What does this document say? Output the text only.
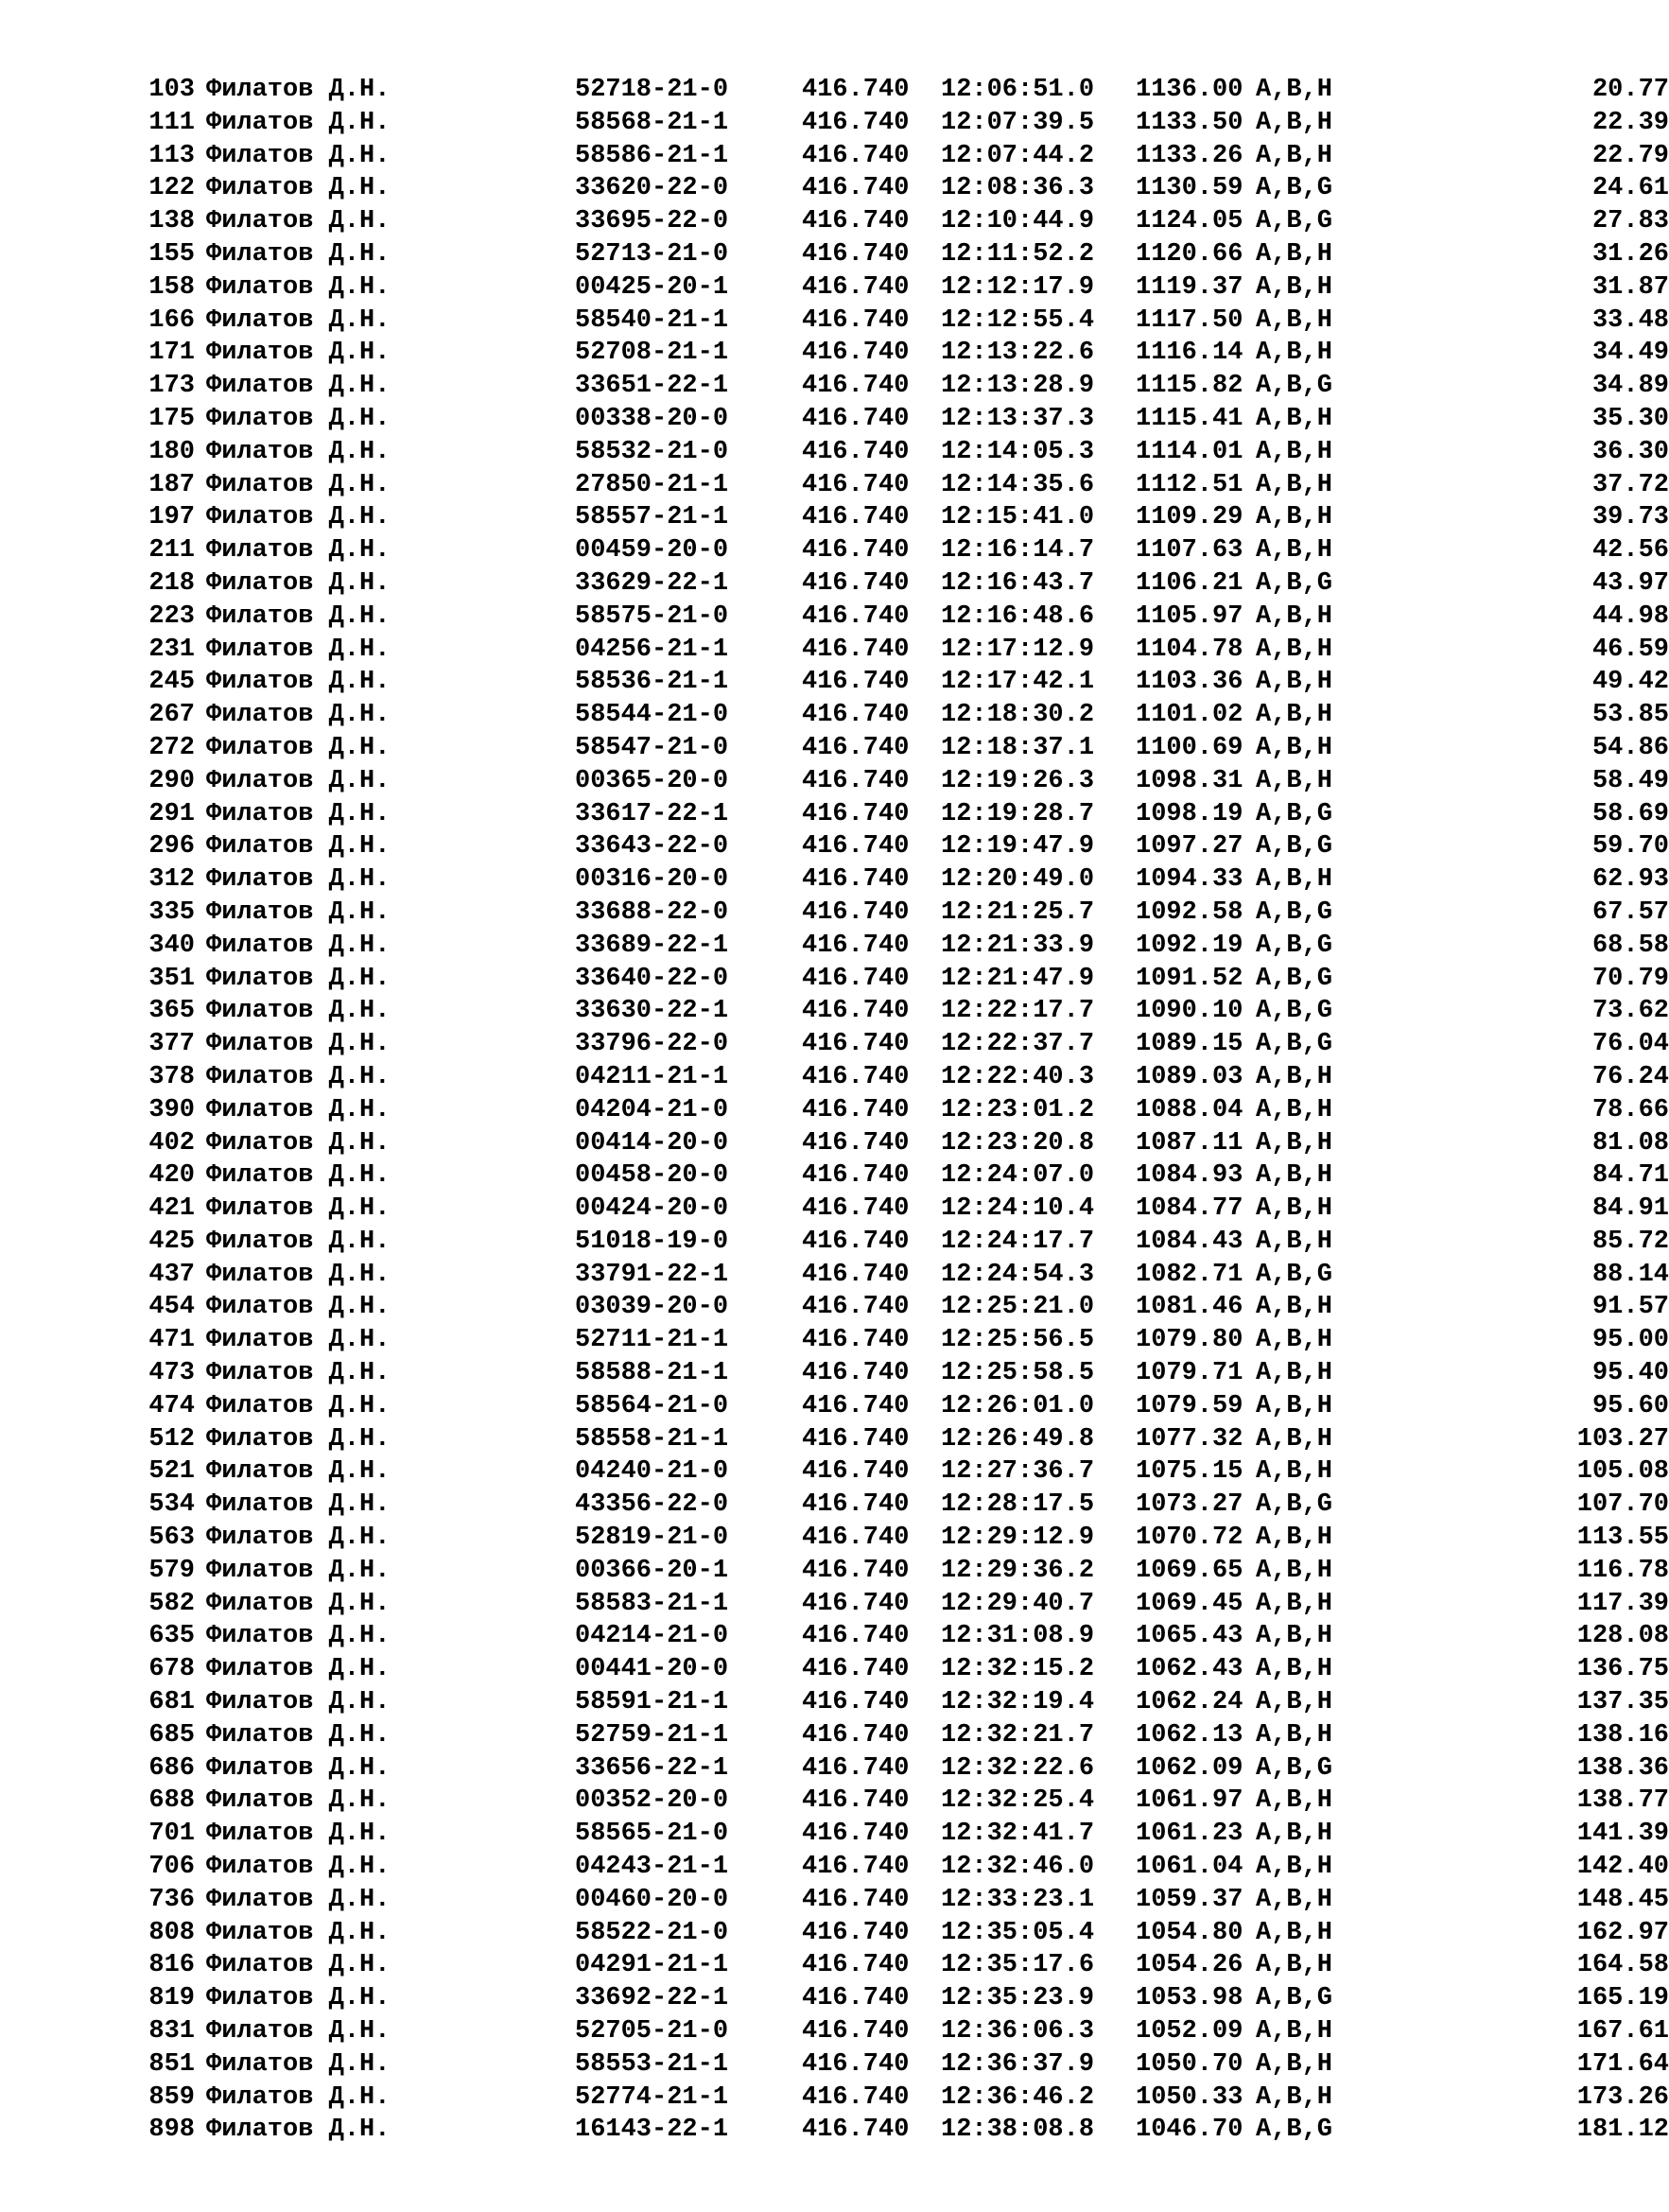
103 Филатов Д.Н.	52718-21-0	416.740 12:06:51.0 1136.00 A,B,H	20.77
111 Филатов Д.Н.	58568-21-1	416.740 12:07:39.5 1133.50 A,B,H	22.39
113 Филатов Д.Н.	58586-21-1	416.740 12:07:44.2 1133.26 A,B,H	22.79
122 Филатов Д.Н.	33620-22-0	416.740 12:08:36.3 1130.59 A,B,G	24.61
138 Филатов Д.Н.	33695-22-0	416.740 12:10:44.9 1124.05 A,B,G	27.83
155 Филатов Д.Н.	52713-21-0	416.740 12:11:52.2 1120.66 A,B,H	31.26
158 Филатов Д.Н.	00425-20-1	416.740 12:12:17.9 1119.37 A,B,H	31.87
166 Филатов Д.Н.	58540-21-1	416.740 12:12:55.4 1117.50 A,B,H	33.48
171 Филатов Д.Н.	52708-21-1	416.740 12:13:22.6 1116.14 A,B,H	34.49
173 Филатов Д.Н.	33651-22-1	416.740 12:13:28.9 1115.82 A,B,G	34.89
175 Филатов Д.Н.	00338-20-0	416.740 12:13:37.3 1115.41 A,B,H	35.30
180 Филатов Д.Н.	58532-21-0	416.740 12:14:05.3 1114.01 A,B,H	36.30
187 Филатов Д.Н.	27850-21-1	416.740 12:14:35.6 1112.51 A,B,H	37.72
197 Филатов Д.Н.	58557-21-1	416.740 12:15:41.0 1109.29 A,B,H	39.73
211 Филатов Д.Н.	00459-20-0	416.740 12:16:14.7 1107.63 A,B,H	42.56
218 Филатов Д.Н.	33629-22-1	416.740 12:16:43.7 1106.21 A,B,G	43.97
223 Филатов Д.Н.	58575-21-0	416.740 12:16:48.6 1105.97 A,B,H	44.98
231 Филатов Д.Н.	04256-21-1	416.740 12:17:12.9 1104.78 A,B,H	46.59
245 Филатов Д.Н.	58536-21-1	416.740 12:17:42.1 1103.36 A,B,H	49.42
267 Филатов Д.Н.	58544-21-0	416.740 12:18:30.2 1101.02 A,B,H	53.85
272 Филатов Д.Н.	58547-21-0	416.740 12:18:37.1 1100.69 A,B,H	54.86
290 Филатов Д.Н.	00365-20-0	416.740 12:19:26.3 1098.31 A,B,H	58.49
291 Филатов Д.Н.	33617-22-1	416.740 12:19:28.7 1098.19 A,B,G	58.69
296 Филатов Д.Н.	33643-22-0	416.740 12:19:47.9 1097.27 A,B,G	59.70
312 Филатов Д.Н.	00316-20-0	416.740 12:20:49.0 1094.33 A,B,H	62.93
335 Филатов Д.Н.	33688-22-0	416.740 12:21:25.7 1092.58 A,B,G	67.57
340 Филатов Д.Н.	33689-22-1	416.740 12:21:33.9 1092.19 A,B,G	68.58
351 Филатов Д.Н.	33640-22-0	416.740 12:21:47.9 1091.52 A,B,G	70.79
365 Филатов Д.Н.	33630-22-1	416.740 12:22:17.7 1090.10 A,B,G	73.62
377 Филатов Д.Н.	33796-22-0	416.740 12:22:37.7 1089.15 A,B,G	76.04
378 Филатов Д.Н.	04211-21-1	416.740 12:22:40.3 1089.03 A,B,H	76.24
390 Филатов Д.Н.	04204-21-0	416.740 12:23:01.2 1088.04 A,B,H	78.66
402 Филатов Д.Н.	00414-20-0	416.740 12:23:20.8 1087.11 A,B,H	81.08
420 Филатов Д.Н.	00458-20-0	416.740 12:24:07.0 1084.93 A,B,H	84.71
421 Филатов Д.Н.	00424-20-0	416.740 12:24:10.4 1084.77 A,B,H	84.91
425 Филатов Д.Н.	51018-19-0	416.740 12:24:17.7 1084.43 A,B,H	85.72
437 Филатов Д.Н.	33791-22-1	416.740 12:24:54.3 1082.71 A,B,G	88.14
454 Филатов Д.Н.	03039-20-0	416.740 12:25:21.0 1081.46 A,B,H	91.57
471 Филатов Д.Н.	52711-21-1	416.740 12:25:56.5 1079.80 A,B,H	95.00
473 Филатов Д.Н.	58588-21-1	416.740 12:25:58.5 1079.71 A,B,H	95.40
474 Филатов Д.Н.	58564-21-0	416.740 12:26:01.0 1079.59 A,B,H	95.60
512 Филатов Д.Н.	58558-21-1	416.740 12:26:49.8 1077.32 A,B,H	103.27
521 Филатов Д.Н.	04240-21-0	416.740 12:27:36.7 1075.15 A,B,H	105.08
534 Филатов Д.Н.	43356-22-0	416.740 12:28:17.5 1073.27 A,B,G	107.70
563 Филатов Д.Н.	52819-21-0	416.740 12:29:12.9 1070.72 A,B,H	113.55
579 Филатов Д.Н.	00366-20-1	416.740 12:29:36.2 1069.65 A,B,H	116.78
582 Филатов Д.Н.	58583-21-1	416.740 12:29:40.7 1069.45 A,B,H	117.39
635 Филатов Д.Н.	04214-21-0	416.740 12:31:08.9 1065.43 A,B,H	128.08
678 Филатов Д.Н.	00441-20-0	416.740 12:32:15.2 1062.43 A,B,H	136.75
681 Филатов Д.Н.	58591-21-1	416.740 12:32:19.4 1062.24 A,B,H	137.35
685 Филатов Д.Н.	52759-21-1	416.740 12:32:21.7 1062.13 A,B,H	138.16
686 Филатов Д.Н.	33656-22-1	416.740 12:32:22.6 1062.09 A,B,G	138.36
688 Филатов Д.Н.	00352-20-0	416.740 12:32:25.4 1061.97 A,B,H	138.77
701 Филатов Д.Н.	58565-21-0	416.740 12:32:41.7 1061.23 A,B,H	141.39
706 Филатов Д.Н.	04243-21-1	416.740 12:32:46.0 1061.04 A,B,H	142.40
736 Филатов Д.Н.	00460-20-0	416.740 12:33:23.1 1059.37 A,B,H	148.45
808 Филатов Д.Н.	58522-21-0	416.740 12:35:05.4 1054.80 A,B,H	162.97
816 Филатов Д.Н.	04291-21-1	416.740 12:35:17.6 1054.26 A,B,H	164.58
819 Филатов Д.Н.	33692-22-1	416.740 12:35:23.9 1053.98 A,B,G	165.19
831 Филатов Д.Н.	52705-21-0	416.740 12:36:06.3 1052.09 A,B,H	167.61
851 Филатов Д.Н.	58553-21-1	416.740 12:36:37.9 1050.70 A,B,H	171.64
859 Филатов Д.Н.	52774-21-1	416.740 12:36:46.2 1050.33 A,B,H	173.26
898 Филатов Д.Н.	16143-22-1	416.740 12:38:08.8 1046.70 A,B,G	181.12
